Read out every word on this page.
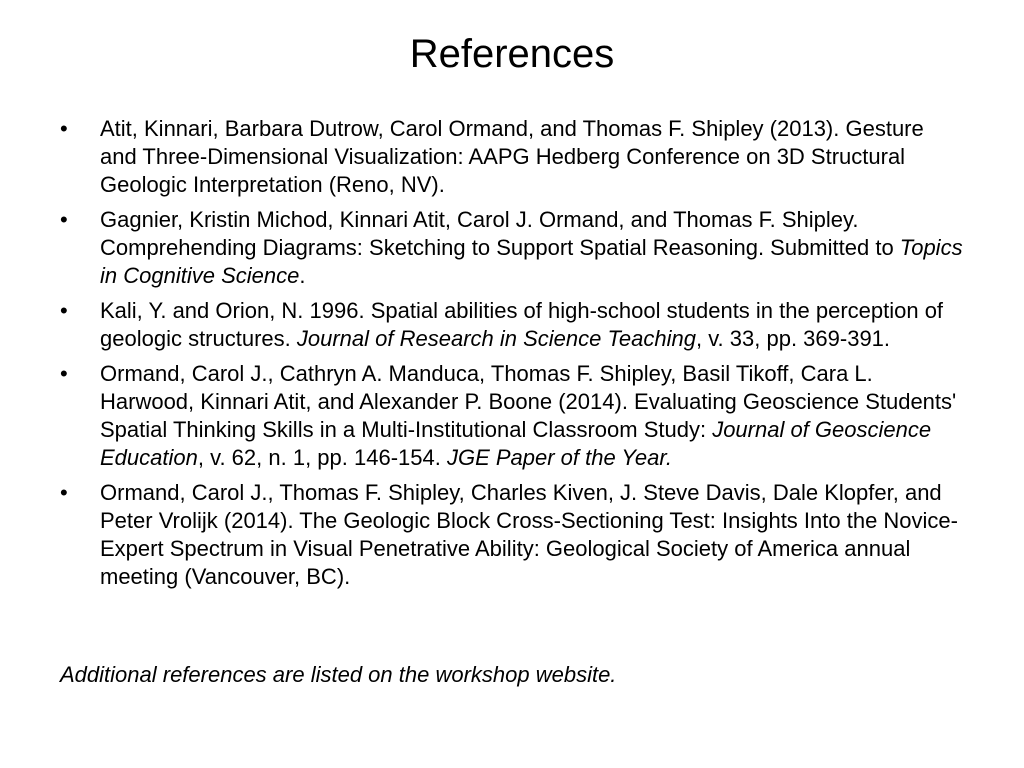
References
•	Atit, Kinnari, Barbara Dutrow, Carol Ormand, and Thomas F. Shipley (2013). Gesture and Three-Dimensional Visualization: AAPG Hedberg Conference on 3D Structural Geologic Interpretation (Reno, NV).
•	Gagnier, Kristin Michod, Kinnari Atit, Carol J. Ormand, and Thomas F. Shipley. Comprehending Diagrams: Sketching to Support Spatial Reasoning. Submitted to Topics in Cognitive Science.
•	Kali, Y. and Orion, N. 1996. Spatial abilities of high-school students in the perception of geologic structures. Journal of Research in Science Teaching, v. 33, pp. 369-391.
•	Ormand, Carol J., Cathryn A. Manduca, Thomas F. Shipley, Basil Tikoff, Cara L. Harwood, Kinnari Atit, and Alexander P. Boone (2014). Evaluating Geoscience Students' Spatial Thinking Skills in a Multi-Institutional Classroom Study: Journal of Geoscience Education, v. 62, n. 1, pp. 146-154. JGE Paper of the Year.
•	Ormand, Carol J., Thomas F. Shipley, Charles Kiven, J. Steve Davis, Dale Klopfer, and Peter Vrolijk (2014). The Geologic Block Cross-Sectioning Test: Insights Into the Novice-Expert Spectrum in Visual Penetrative Ability: Geological Society of America annual meeting (Vancouver, BC).

Additional references are listed on the workshop website.
